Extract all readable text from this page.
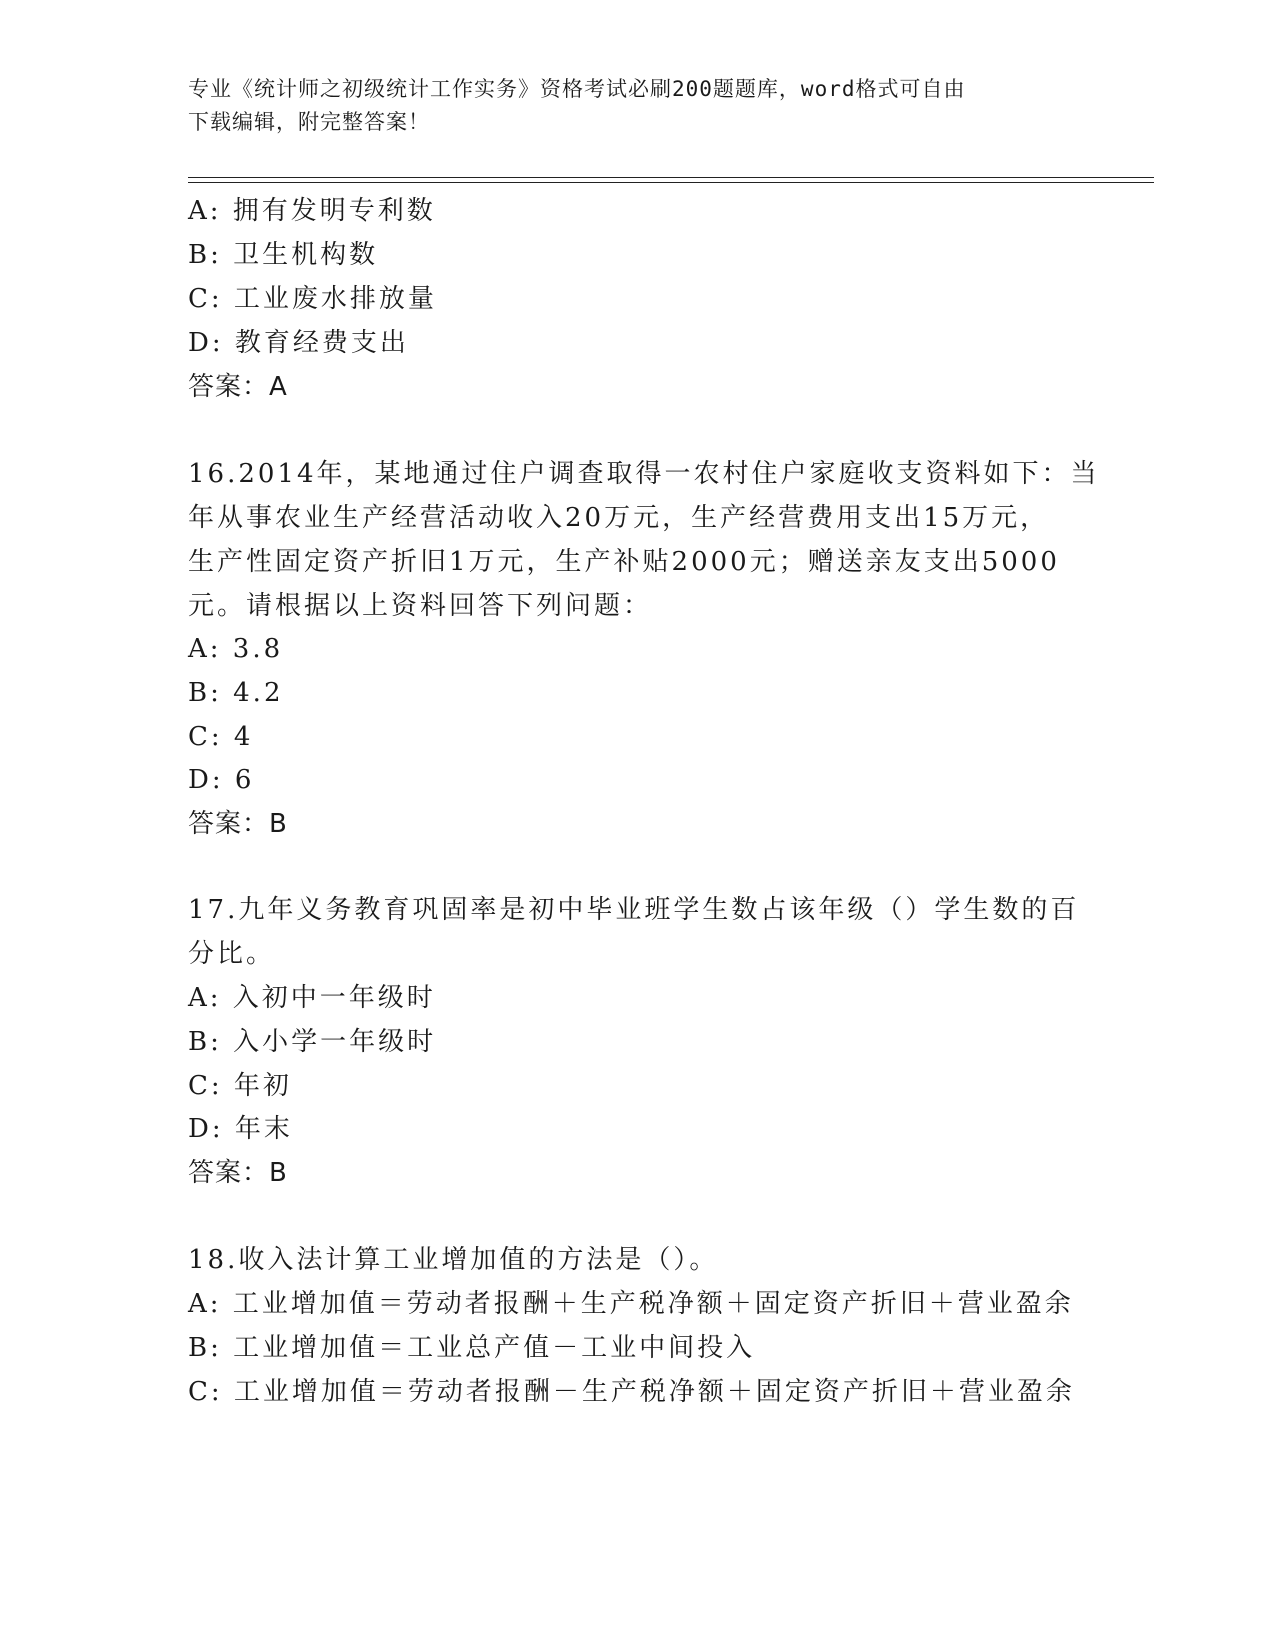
专业《统计师之初级统计工作实务》资格考试必刷200题题库，word格式可自由
下载编辑，附完整答案！
A: 拥有发明专利数
B: 卫生机构数
C: 工业废水排放量
D: 教育经费支出
答案：A
16.2014年，某地通过住户调查取得一农村住户家庭收支资料如下：当
年从事农业生产经营活动收入20万元，生产经营费用支出15万元，
生产性固定资产折旧1万元，生产补贴2000元；赠送亲友支出5000
元。请根据以上资料回答下列问题：
A: 3.8
B: 4.2
C: 4
D: 6
答案：B
17.九年义务教育巩固率是初中毕业班学生数占该年级（）学生数的百
分比。
A: 入初中一年级时
B: 入小学一年级时
C: 年初
D: 年末
答案：B
18.收入法计算工业增加值的方法是（）。
A: 工业增加值＝劳动者报酬＋生产税净额＋固定资产折旧＋营业盈余
B: 工业增加值＝工业总产值－工业中间投入
C: 工业增加值＝劳动者报酬－生产税净额＋固定资产折旧＋营业盈余
